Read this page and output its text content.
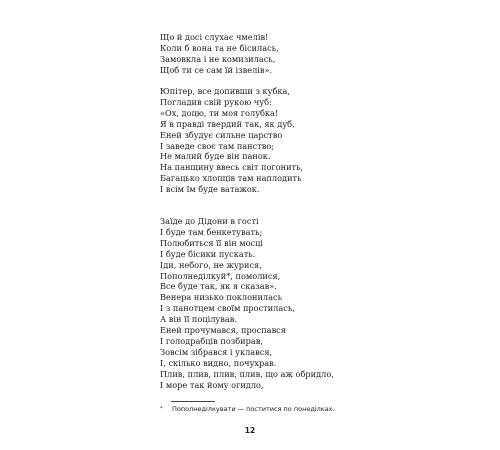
Що й досі слухає чмелів!
Коли б вона та не бісилась,
Замовкла і не комизилась,
Щоб ти се сам їй ізвелів».
Юпітер, все допивши з кубка,
Погладив свій рукою чуб:
«Ох, доцю, ти моя голубка!
Я в правді твердий так, як дуб.
Еней збудує сильне царство
І заведе своє там панство;
Не малий буде він панок.
На панщину ввесь світ погонить,
Багацько хлопців там наплодить
І всім їм буде ватажок.
Заїде до Дідони в гості
І буде там бенкетувать;
Полюбиться її він мосці
І буде бісики пускать.
Іди, небого, не журися,
Пополнеділкуй*, помолися,
Все буде так, як я сказав».
Венера низько поклонилась
І з панотцем своїм простилась,
А він її поцілував.
Еней прочумався, проспався
І голодрабців позбирав,
Зовсім зібрався і уклався,
І, скілько видно, почухрав.
Плив, плив, плив, плив, що аж обридло,
І море так йому огидло,
* Пополнеділкувати — поститися по понеділках.
12
